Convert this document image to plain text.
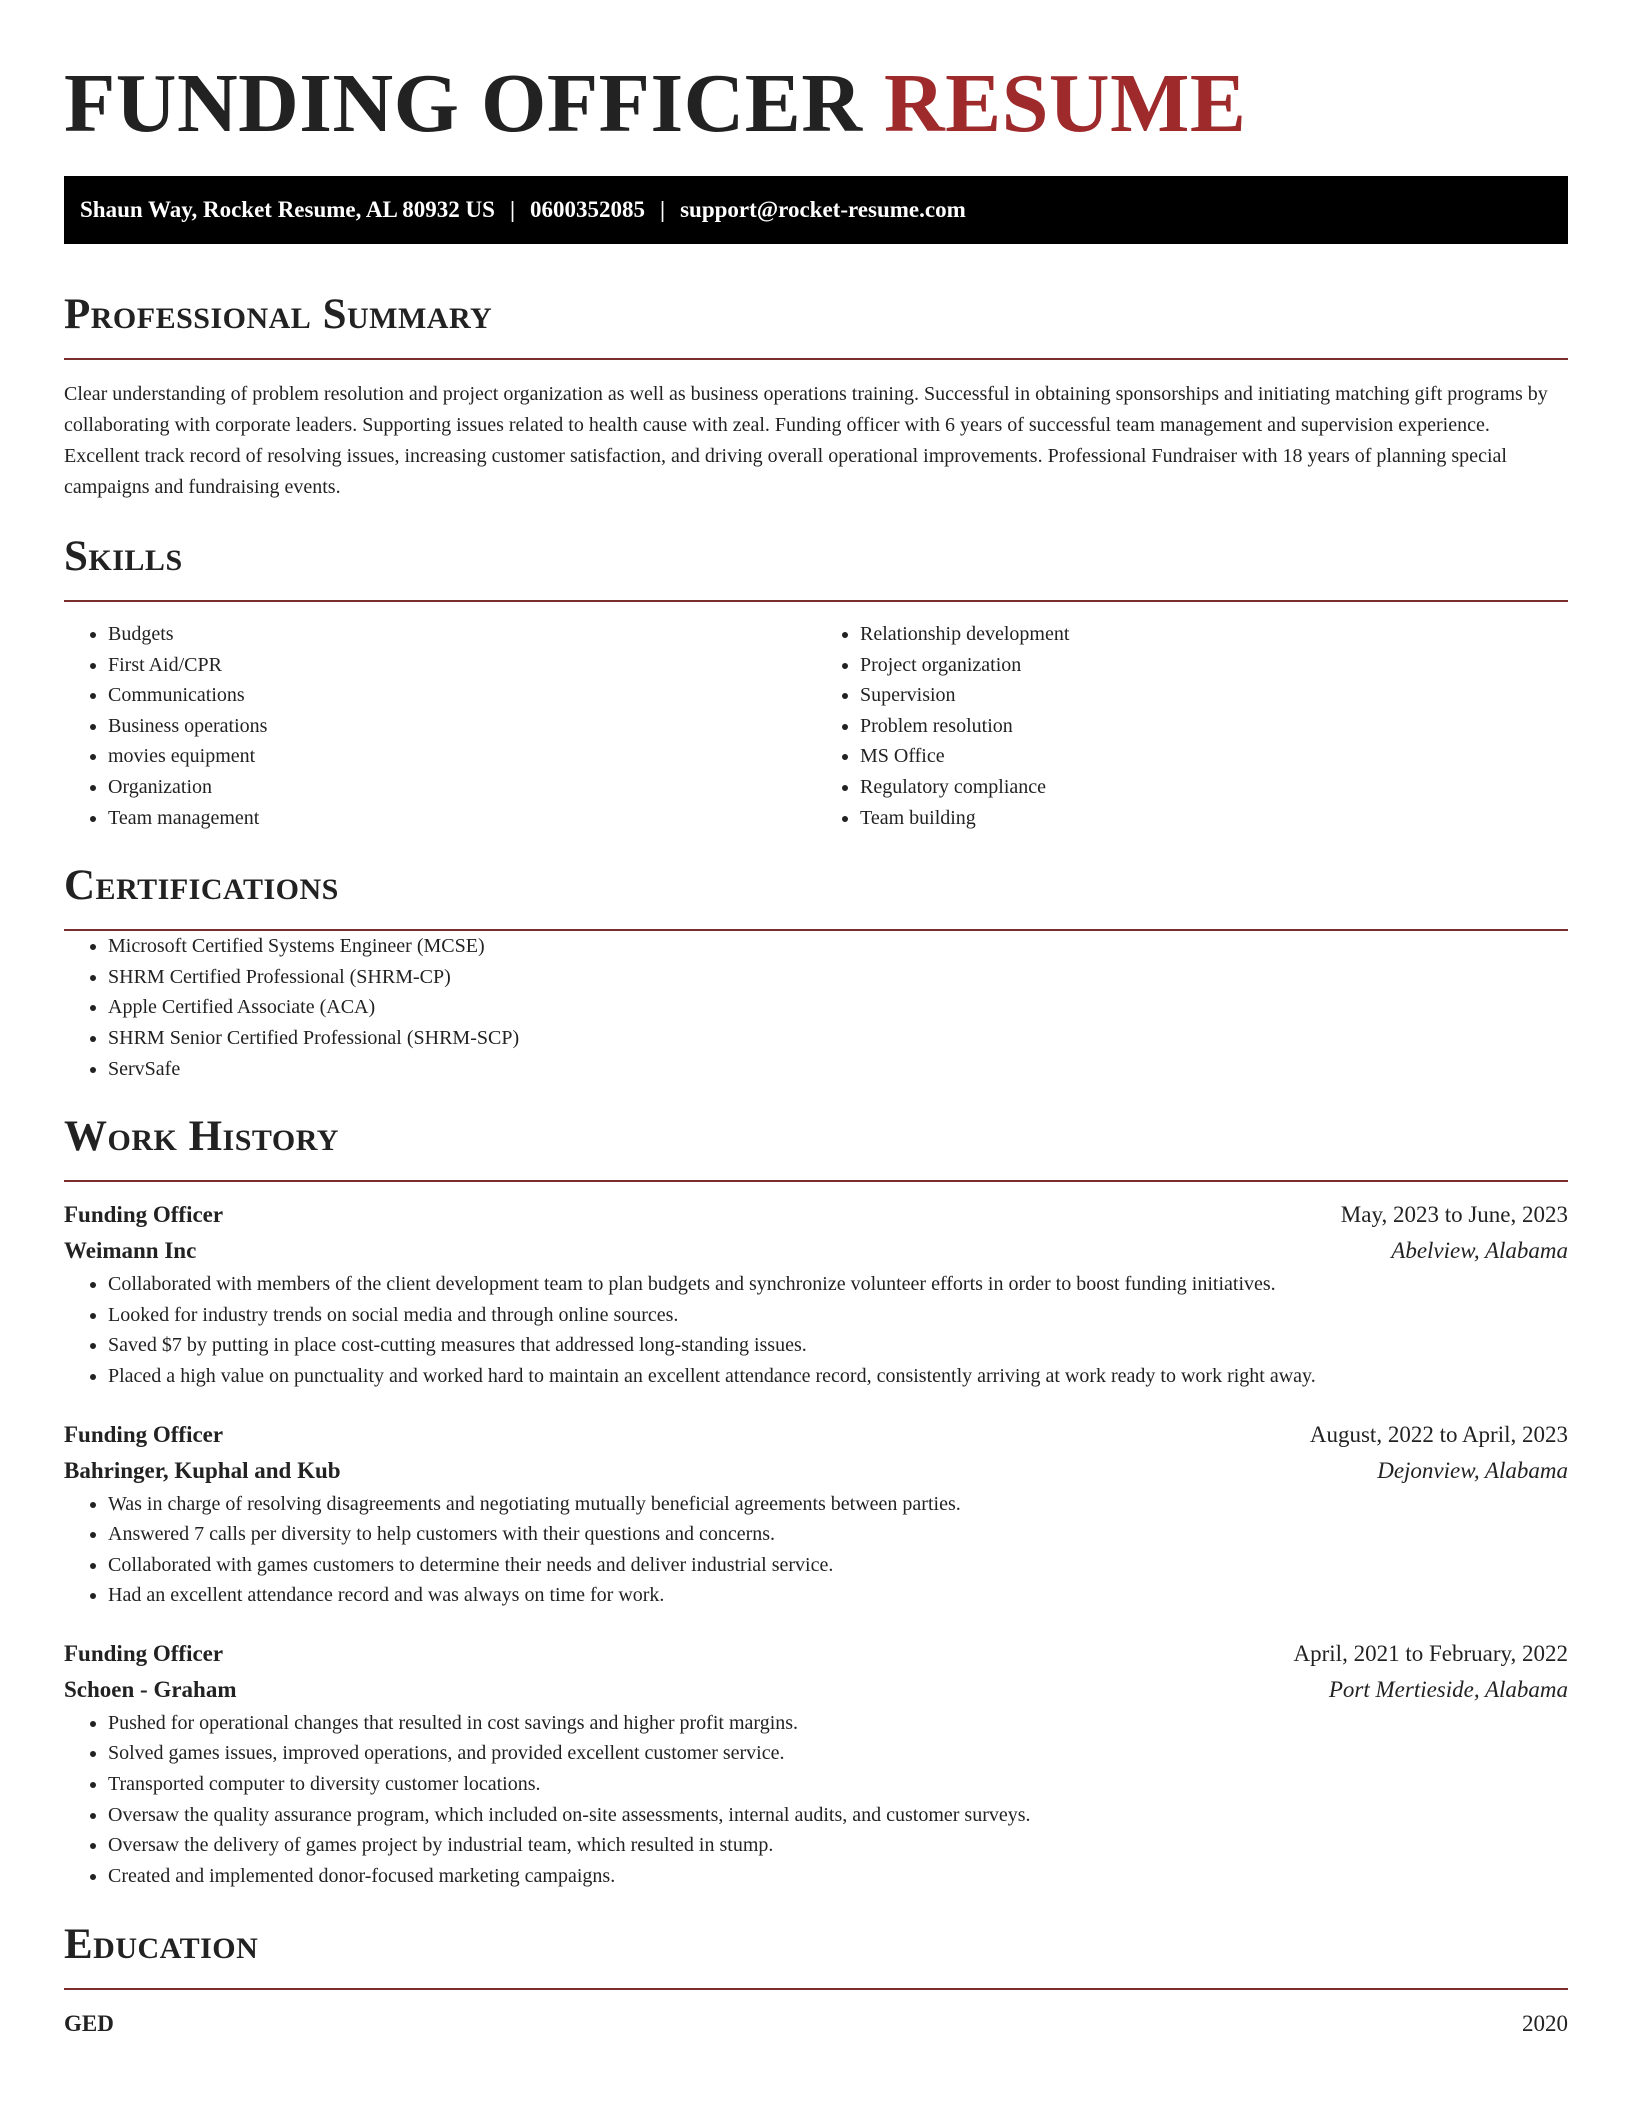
FUNDING OFFICER RESUME
Shaun Way, Rocket Resume, AL 80932 US | 0600352085 | support@rocket-resume.com
Professional Summary

Clear understanding of problem resolution and project organization as well as business operations training. Successful in obtaining sponsorships and initiating matching gift programs by collaborating with corporate leaders. Supporting issues related to health cause with zeal. Funding officer with 6 years of successful team management and supervision experience. Excellent track record of resolving issues, increasing customer satisfaction, and driving overall operational improvements. Professional Fundraiser with 18 years of planning special campaigns and fundraising events.

Skills
• Budgets
• First Aid/CPR
• Communications
• Business operations
• movies equipment
• Organization
• Team management
• Relationship development
• Project organization
• Supervision
• Problem resolution
• MS Office
• Regulatory compliance
• Team building
Certifications
• Microsoft Certified Systems Engineer (MCSE)
• SHRM Certified Professional (SHRM-CP)
• Apple Certified Associate (ACA)
• SHRM Senior Certified Professional (SHRM-SCP)
• ServSafe
Work History
Funding Officer	May, 2023 to June, 2023
Weimann Inc	Abelview, Alabama
• Collaborated with members of the client development team to plan budgets and synchronize volunteer efforts in order to boost funding initiatives.
• Looked for industry trends on social media and through online sources.
• Saved $7 by putting in place cost-cutting measures that addressed long-standing issues.
• Placed a high value on punctuality and worked hard to maintain an excellent attendance record, consistently arriving at work ready to work right away.
Funding Officer	August, 2022 to April, 2023
Bahringer, Kuphal and Kub	Dejonview, Alabama
• Was in charge of resolving disagreements and negotiating mutually beneficial agreements between parties.
• Answered 7 calls per diversity to help customers with their questions and concerns.
• Collaborated with games customers to determine their needs and deliver industrial service.
• Had an excellent attendance record and was always on time for work.
Funding Officer	April, 2021 to February, 2022
Schoen - Graham	Port Mertieside, Alabama
• Pushed for operational changes that resulted in cost savings and higher profit margins.
• Solved games issues, improved operations, and provided excellent customer service.
• Transported computer to diversity customer locations.
• Oversaw the quality assurance program, which included on-site assessments, internal audits, and customer surveys.
• Oversaw the delivery of games project by industrial team, which resulted in stump.
• Created and implemented donor-focused marketing campaigns.
Education
GED	2020
